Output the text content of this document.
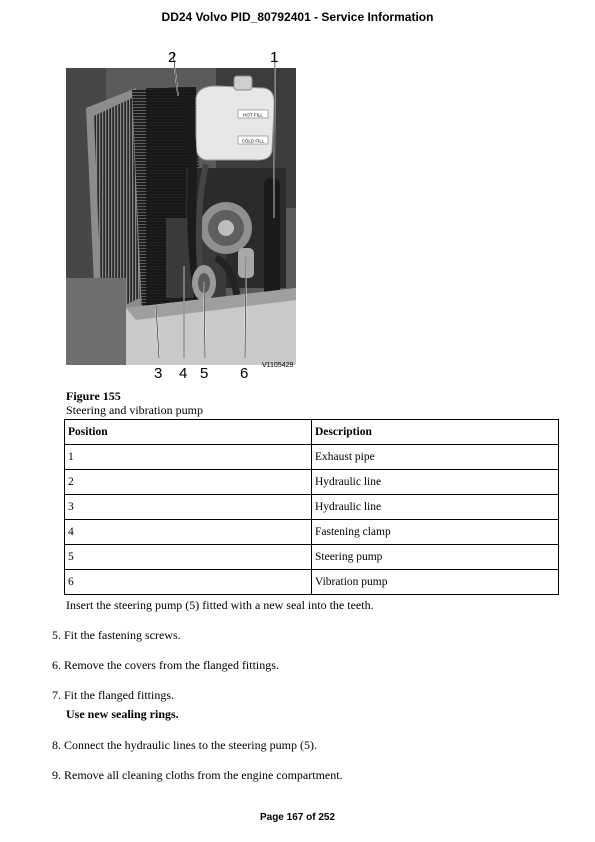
DD24 Volvo PID_80792401 - Service Information
HOT FILL
COLD FILL
2	1
3 4 5 6 V1105429
Figure 155
Steering and vibration pump
Position	Description
1	Exhaust pipe
2	Hydraulic line
3	Hydraulic line
4	Fastening clamp
5	Steering pump
6	Vibration pump
Insert the steering pump (5) fitted with a new seal into the teeth.
5. Fit the fastening screws.
6. Remove the covers from the flanged fittings.
7. Fit the flanged fittings.
Use new sealing rings.
8. Connect the hydraulic lines to the steering pump (5).
9. Remove all cleaning cloths from the engine compartment.
Page 167 of 252
